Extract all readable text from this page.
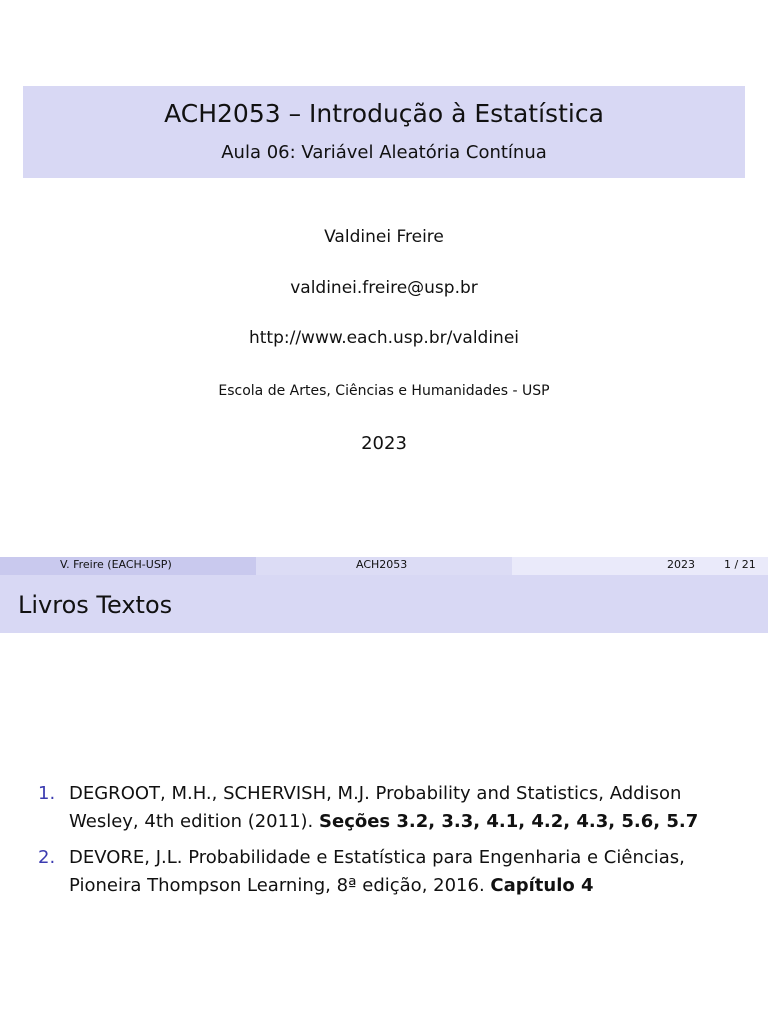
ACH2053 – Introdução à Estatística
Aula 06: Variável Aleatória Contínua
Valdinei Freire
valdinei.freire@usp.br
http://www.each.usp.br/valdinei
Escola de Artes, Ciências e Humanidades - USP
2023
V. Freire (EACH-USP)	ACH2053	2023	1 / 21
Livros Textos
1. DEGROOT, M.H., SCHERVISH, M.J. Probability and Statistics, Addison Wesley, 4th edition (2011). Seções 3.2, 3.3, 4.1, 4.2, 4.3, 5.6, 5.7
2. DEVORE, J.L. Probabilidade e Estatística para Engenharia e Ciências, Pioneira Thompson Learning, 8ª edição, 2016. Capítulo 4
